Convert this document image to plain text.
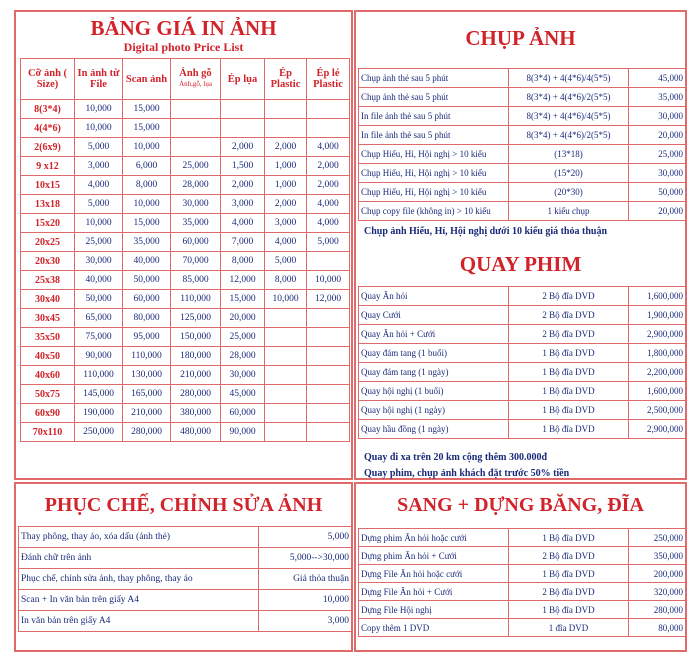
BẢNG GIÁ IN ẢNH
Digital photo Price List
Cỡ ảnh ( Size)	In ảnh từ File	Scan ảnh	Ảnh gỗ
Ảnh,gỗ, lụa	Ép lụa	Ép Plastic	Ép lé Plastic
8(3*4)	10,000	15,000				
4(4*6)	10,000	15,000				
2(6x9)	5,000	10,000		2,000	2,000	4,000
9 x12	3,000	6,000	25,000	1,500	1,000	2,000
10x15	4,000	8,000	28,000	2,000	1,000	2,000
13x18	5,000	10,000	30,000	3,000	2,000	4,000
15x20	10,000	15,000	35,000	4,000	3,000	4,000
20x25	25,000	35,000	60,000	7,000	4,000	5,000
20x30	30,000	40,000	70,000	8,000	5,000	
25x38	40,000	50,000	85,000	12,000	8,000	10,000
30x40	50,000	60,000	110,000	15,000	10,000	12,000
30x45	65,000	80,000	125,000	20,000		
35x50	75,000	95,000	150,000	25,000		
40x50	90,000	110,000	180,000	28,000		
40x60	110,000	130,000	210,000	30,000		
50x75	145,000	165,000	280,000	45,000		
60x90	190,000	210,000	380,000	60,000		
70x110	250,000	280,000	480,000	90,000		
CHỤP ẢNH
Chụp ảnh thẻ sau 5 phút	8(3*4) + 4(4*6)/4(5*5)	45,000
Chụp ảnh thẻ sau 5 phút	8(3*4) + 4(4*6)/2(5*5)	35,000
In file ảnh thẻ sau 5 phút	8(3*4) + 4(4*6)/4(5*5)	30,000
In file ảnh thẻ sau 5 phút	8(3*4) + 4(4*6)/2(5*5)	20,000
Chụp Hiếu, Hỉ, Hội nghị > 10 kiểu	(13*18)	25,000
Chụp Hiếu, Hỉ, Hội nghị > 10 kiểu	(15*20)	30,000
Chụp Hiếu, Hỉ, Hội nghị > 10 kiểu	(20*30)	50,000
Chụp copy file (không in) > 10 kiểu	1 kiểu chụp	20,000
Chụp ảnh Hiếu, Hỉ, Hội nghị dưới 10 kiểu giá thỏa thuận
QUAY PHIM
Quay Ăn hỏi	2 Bộ đĩa DVD	1,600,000
Quay Cưới	2 Bộ đĩa DVD	1,900,000
Quay Ăn hỏi + Cưới	2 Bộ đĩa DVD	2,900,000
Quay đám tang (1 buổi)	1 Bộ đĩa DVD	1,800,000
Quay đám tang (1 ngày)	1 Bộ đĩa DVD	2,200,000
Quay hội nghị (1 buổi)	1 Bộ đĩa DVD	1,600,000
Quay hội nghị (1 ngày)	1 Bộ đĩa DVD	2,500,000
Quay hầu đồng (1 ngày)	1 Bộ đĩa DVD	2,900,000
Quay đi xa trên 20 km cộng thêm 300.000đ
Quay phim, chụp ảnh khách đặt trước 50% tiền
PHỤC CHẾ, CHỈNH SỬA ẢNH
Thay phông, thay áo, xóa dấu (ảnh thẻ)	5,000
Đánh chữ trên ảnh	5,000-->30,000
Phục chế, chỉnh sửa ảnh, thay phông, thay áo	Giá thỏa thuận
Scan + In văn bản trên giấy A4	10,000
In văn bản trên giấy A4	3,000
SANG + DỰNG BĂNG, ĐĨA
Dựng phim Ăn hỏi hoặc cưới	1 Bộ đĩa DVD	250,000
Dựng phim Ăn hỏi + Cưới	2 Bộ đĩa DVD	350,000
Dựng File Ăn hỏi hoặc cưới	1 Bộ đĩa DVD	200,000
Dựng File Ăn hỏi + Cưới	2 Bộ đĩa DVD	320,000
Dựng File Hội nghị	1 Bộ đĩa DVD	280,000
Copy thêm 1 DVD	1 đĩa DVD	80,000
